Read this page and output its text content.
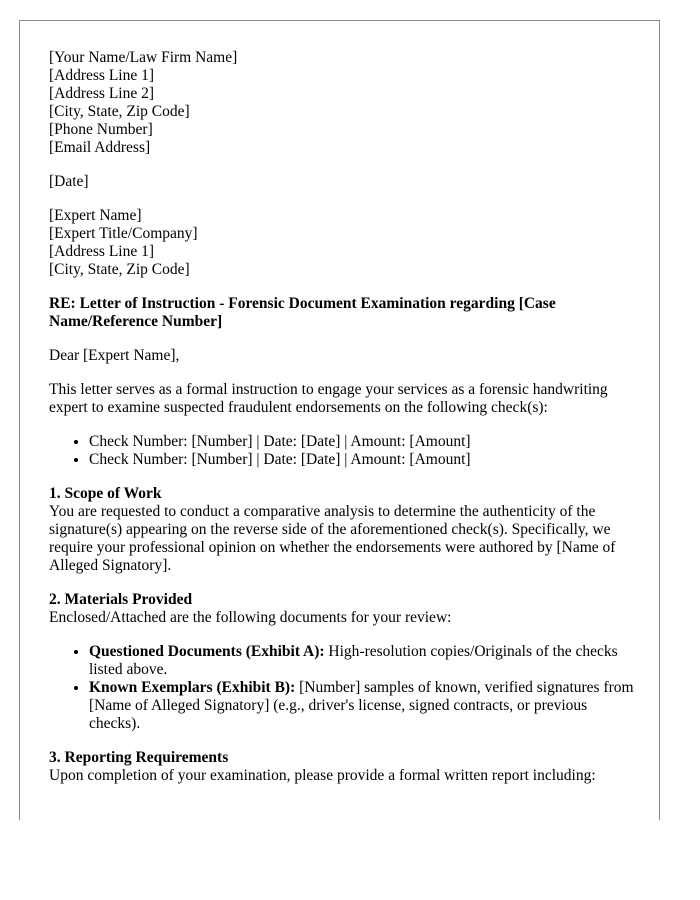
[Your Name/Law Firm Name]
[Address Line 1]
[Address Line 2]
[City, State, Zip Code]
[Phone Number]
[Email Address]
[Date]
[Expert Name]
[Expert Title/Company]
[Address Line 1]
[City, State, Zip Code]
RE: Letter of Instruction - Forensic Document Examination regarding [Case Name/Reference Number]

Dear [Expert Name],

This letter serves as a formal instruction to engage your services as a forensic handwriting expert to examine suspected fraudulent endorsements on the following check(s):

• Check Number: [Number] | Date: [Date] | Amount: [Amount]
• Check Number: [Number] | Date: [Date] | Amount: [Amount]
1. Scope of Work

You are requested to conduct a comparative analysis to determine the authenticity of the signature(s) appearing on the reverse side of the aforementioned check(s). Specifically, we require your professional opinion on whether the endorsements were authored by [Name of Alleged Signatory].

2. Materials Provided

Enclosed/Attached are the following documents for your review:

• Questioned Documents (Exhibit A): High-resolution copies/Originals of the checks listed above.
• Known Exemplars (Exhibit B): [Number] samples of known, verified signatures from [Name of Alleged Signatory] (e.g., driver's license, signed contracts, or previous checks).
3. Reporting Requirements

Upon completion of your examination, please provide a formal written report including:
